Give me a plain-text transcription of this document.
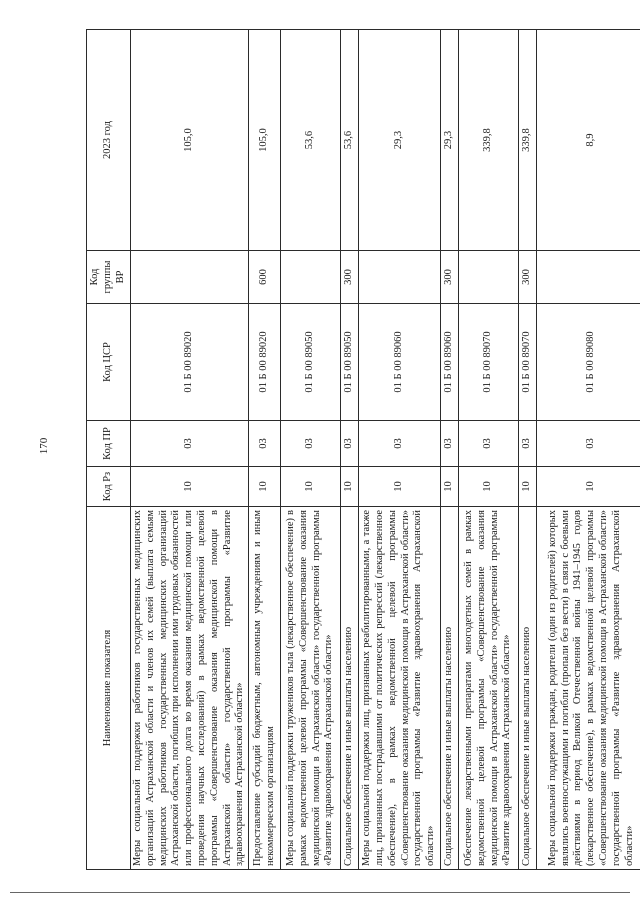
170
Наименование показателя	Код Рз	Код ПР	Код ЦСР	Код группы ВР	2023 год
Меры социальной поддержки работников государственных медицинских организаций Астраханской области и членов их семей (выплата семьям медицинских работников государственных медицинских организаций Астраханской области, погибших при исполнении ими трудовых обязанностей или профессионального долга во время оказания медицинской помощи или проведения научных исследований) в рамках ведомственной целевой программы «Совершенствование оказания медицинской помощи в Астраханской области» государственной программы «Развитие здравоохранения Астраханской области»	10	03	01 Б 00 89020		105,0
Предоставление субсидий бюджетным, автономным учреждениям и иным некоммерческим организациям	10	03	01 Б 00 89020	600	105,0
Меры социальной поддержки тружеников тыла (лекарственное обеспечение) в рамках ведомственной целевой программы «Совершенствование оказания медицинской помощи в Астраханской области» государственной программы «Развитие здравоохранения Астраханской области»	10	03	01 Б 00 89050		53,6
Социальное обеспечение и иные выплаты населению	10	03	01 Б 00 89050	300	53,6
Меры социальной поддержки лиц, признанных реабилитированными, а также лиц, признанных пострадавшими от политических репрессий (лекарственное обеспечение), в рамках ведомственной целевой программы «Совершенствование оказания медицинской помощи в Астраханской области» государственной программы «Развитие здравоохранения Астраханской области»	10	03	01 Б 00 89060		29,3
Социальное обеспечение и иные выплаты населению	10	03	01 Б 00 89060	300	29,3
Обеспечение лекарственными препаратами многодетных семей в рамках ведомственной целевой программы «Совершенствование оказания медицинской помощи в Астраханской области» государственной программы «Развитие здравоохранения Астраханской области»	10	03	01 Б 00 89070		339,8
Социальное обеспечение и иные выплаты населению	10	03	01 Б 00 89070	300	339,8
Меры социальной поддержки граждан, родители (один из родителей) которых являлись военнослужащими и погибли (пропали без вести) в связи с боевыми действиями в период Великой Отечественной войны 1941–1945 годов (лекарственное обеспечение), в рамках ведомственной целевой программы «Совершенствование оказания медицинской помощи в Астраханской области» государственной программы «Развитие здравоохранения Астраханской области»	10	03	01 Б 00 89080		8,9
